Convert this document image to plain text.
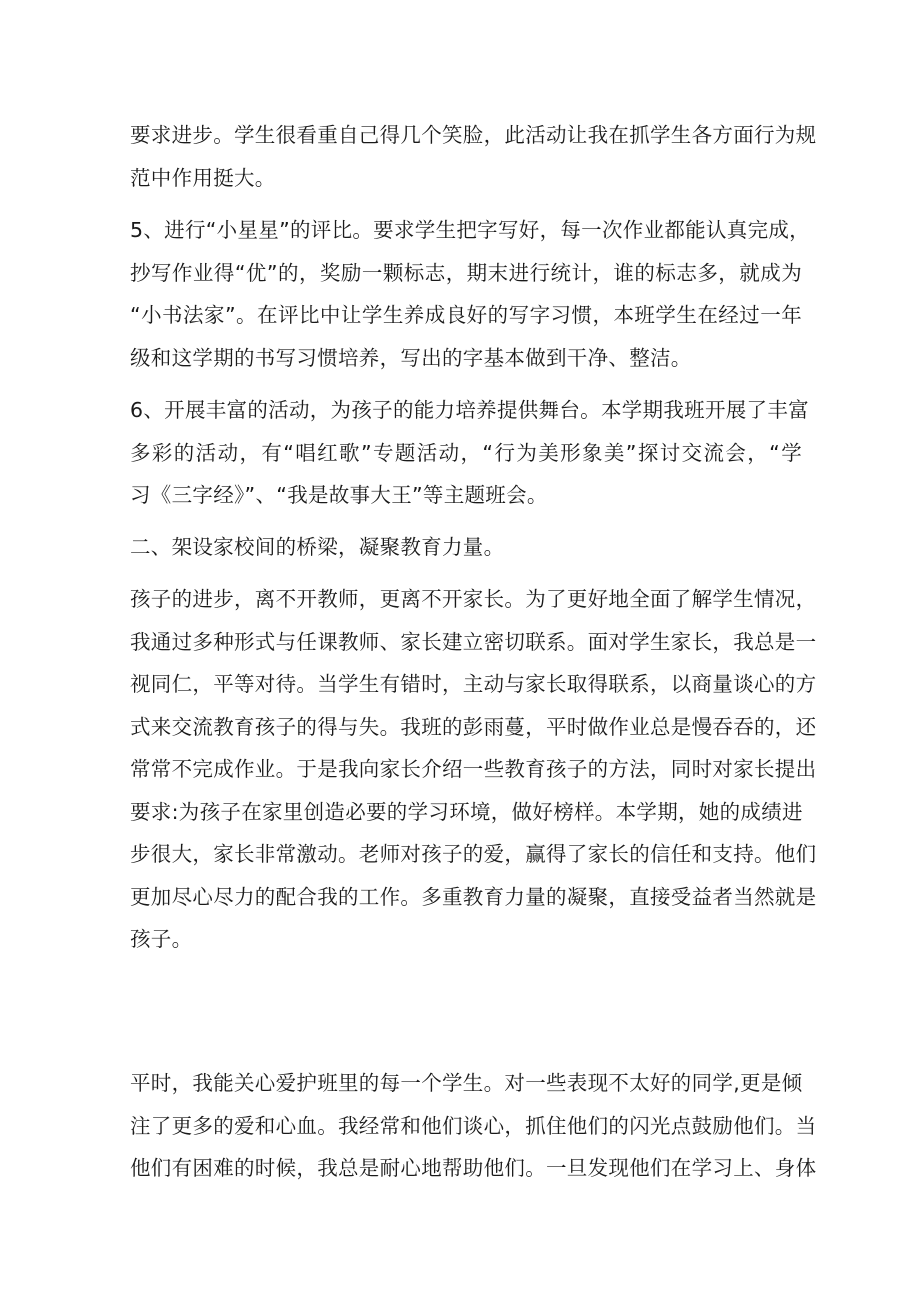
要求进步。学生很看重自己得几个笑脸，此活动让我在抓学生各方面行为规
范中作用挺大。
5、进行“小星星”的评比。要求学生把字写好，每一次作业都能认真完成，
抄写作业得“优”的，奖励一颗标志，期末进行统计，谁的标志多，就成为
“小书法家”。在评比中让学生养成良好的写字习惯，本班学生在经过一年
级和这学期的书写习惯培养，写出的字基本做到干净、整洁。
6、开展丰富的活动，为孩子的能力培养提供舞台。本学期我班开展了丰富
多彩的活动，有“唱红歌”专题活动，“行为美形象美”探讨交流会，“学
习《三字经》”、“我是故事大王”等主题班会。
二、架设家校间的桥梁，凝聚教育力量。
孩子的进步，离不开教师，更离不开家长。为了更好地全面了解学生情况，
我通过多种形式与任课教师、家长建立密切联系。面对学生家长，我总是一
视同仁，平等对待。当学生有错时，主动与家长取得联系，以商量谈心的方
式来交流教育孩子的得与失。我班的彭雨蔓，平时做作业总是慢吞吞的，还
常常不完成作业。于是我向家长介绍一些教育孩子的方法，同时对家长提出
要求:为孩子在家里创造必要的学习环境，做好榜样。本学期，她的成绩进
步很大，家长非常激动。老师对孩子的爱，赢得了家长的信任和支持。他们
更加尽心尽力的配合我的工作。多重教育力量的凝聚，直接受益者当然就是
孩子。
平时，我能关心爱护班里的每一个学生。对一些表现不太好的同学,更是倾
注了更多的爱和心血。我经常和他们谈心，抓住他们的闪光点鼓励他们。当
他们有困难的时候，我总是耐心地帮助他们。一旦发现他们在学习上、身体
